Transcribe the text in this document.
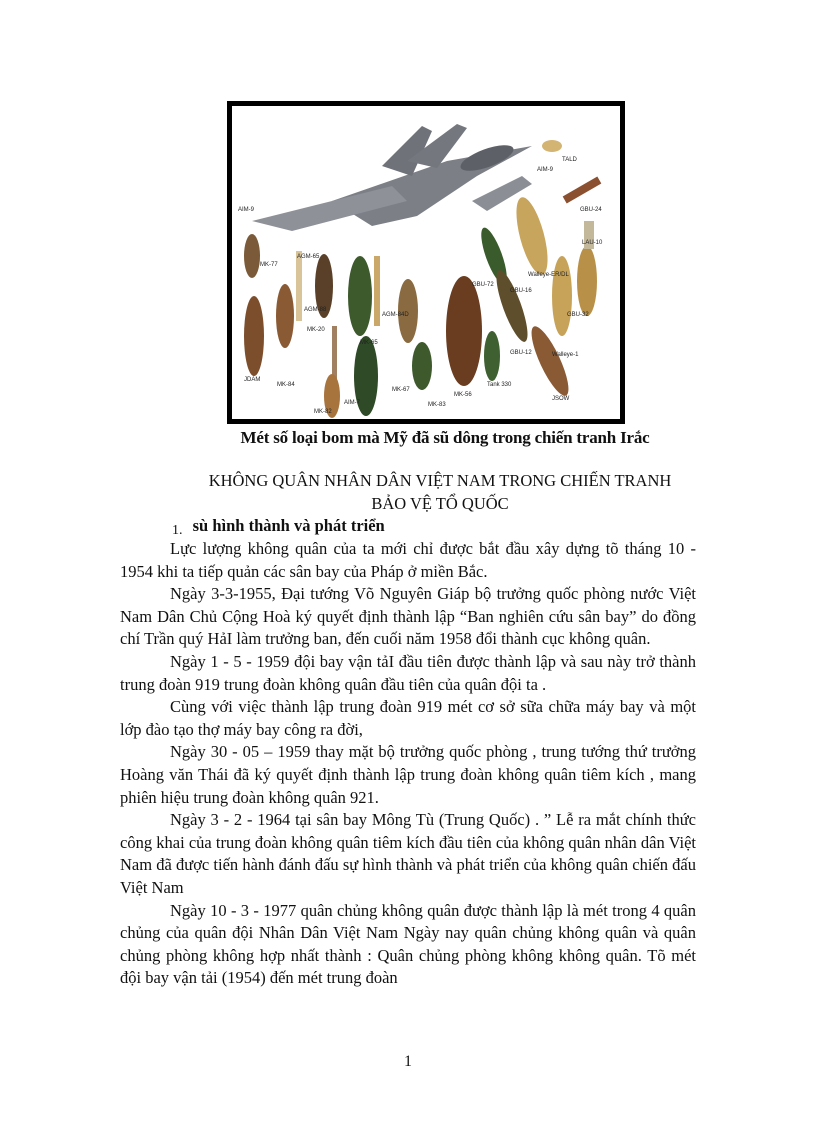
TALD
AIM-9
AIM-9	GBU-24
LAU-10
MK-77
AGM-65
AGM-88
AGM-84D
GBU-72
Walleye-ER/DL
GBU-16
GBU-32
MK-20
GBU-12	Walleye-1
JDAM
MK-84
MK-83
AIM-7
MK-82
MK-56
Tank 330
JSOW
MK-65
MK-67
Mét số loại bom mà Mỹ đã sũ dông trong chiến tranh Irắc
KHÔNG QUÂN NHÂN DÂN VIỆT NAM TRONG CHIẾN TRANH
BẢO VỆ TỔ QUỐC
1. sù hình thành và phát triển

Lực lượng không quân của ta mới chỉ được bắt đầu xây dựng tõ tháng 10 - 1954 khi ta tiếp quản các sân bay của Pháp ở miền Bắc.

Ngày 3-3-1955, Đại tướng Võ Nguyên Giáp bộ trưởng quốc phòng nước Việt Nam Dân Chủ Cộng Hoà ký quyết định thành lập “Ban nghiên cứu sân bay” do đồng chí Trần quý HảI làm trưởng ban, đến cuối năm 1958 đổi thành cục không quân.

Ngày 1 - 5 - 1959 đội bay vận tảI đầu tiên được thành lập và sau này trở thành trung đoàn 919 trung đoàn không quân đầu tiên của quân đội ta .

Cùng với việc thành lập trung đoàn 919 mét cơ sở sữa chữa máy bay và một lớp đào tạo thợ máy bay công ra đời,

Ngày 30 - 05 – 1959 thay mặt bộ trưởng quốc phòng , trung tướng thứ trưởng Hoàng văn Thái đã ký quyết định thành lập trung đoàn không quân tiêm kích , mang phiên hiệu trung đoàn không quân 921.

Ngày 3 - 2 - 1964 tại sân bay Mông Tù (Trung Quốc) . ” Lễ ra mắt chính thức công khai của trung đoàn không quân tiêm kích đầu tiên của không quân nhân dân Việt Nam đã được tiến hành đánh đấu sự hình thành và phát triển của không quân chiến đấu Việt Nam

Ngày 10 - 3 - 1977 quân chủng không quân được thành lập là mét trong 4 quân chủng của quân đội Nhân Dân Việt Nam Ngày nay quân chủng không quân và quân chủng phòng không hợp nhất thành : Quân chủng phòng không không quân. Tõ mét đội bay vận tải (1954) đến mét trung đoàn

1
